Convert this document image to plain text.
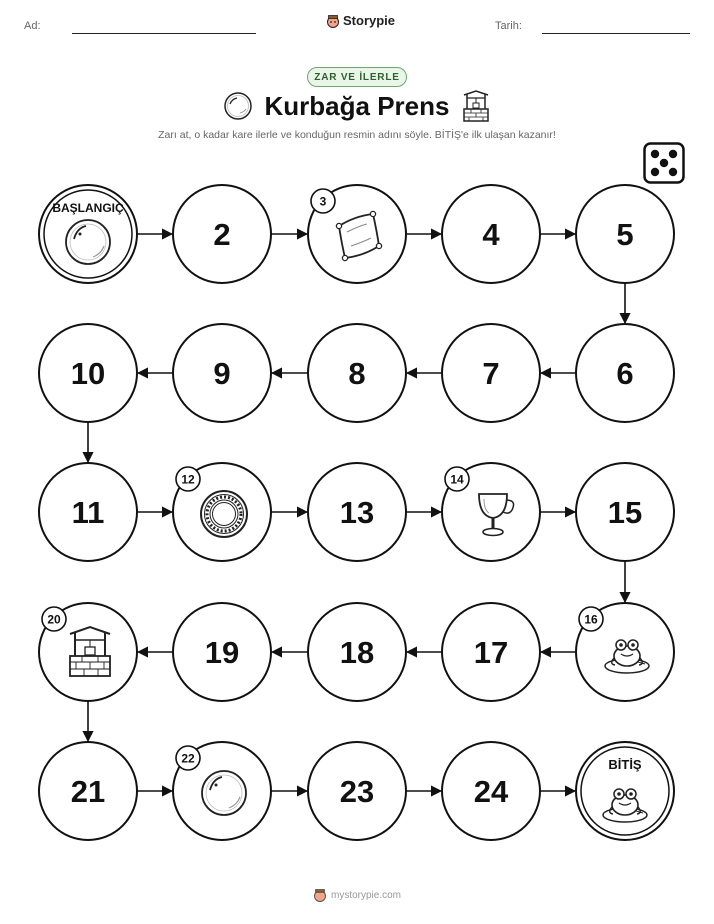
Ad:	Storypie	Tarih:
ZAR VE İLERLE
Kurbağa Prens
Zarı at, o kadar kare ilerle ve konduğun resmin adını söyle. BİTİŞ'e ilk ulaşan kazanır!
BAŞLANGIÇ
2
3
4	5
10	9	8	7	6
11
12
13
14
15
20
19	18	17
16
21
22
23	24
BİTİŞ
mystorypie.com
